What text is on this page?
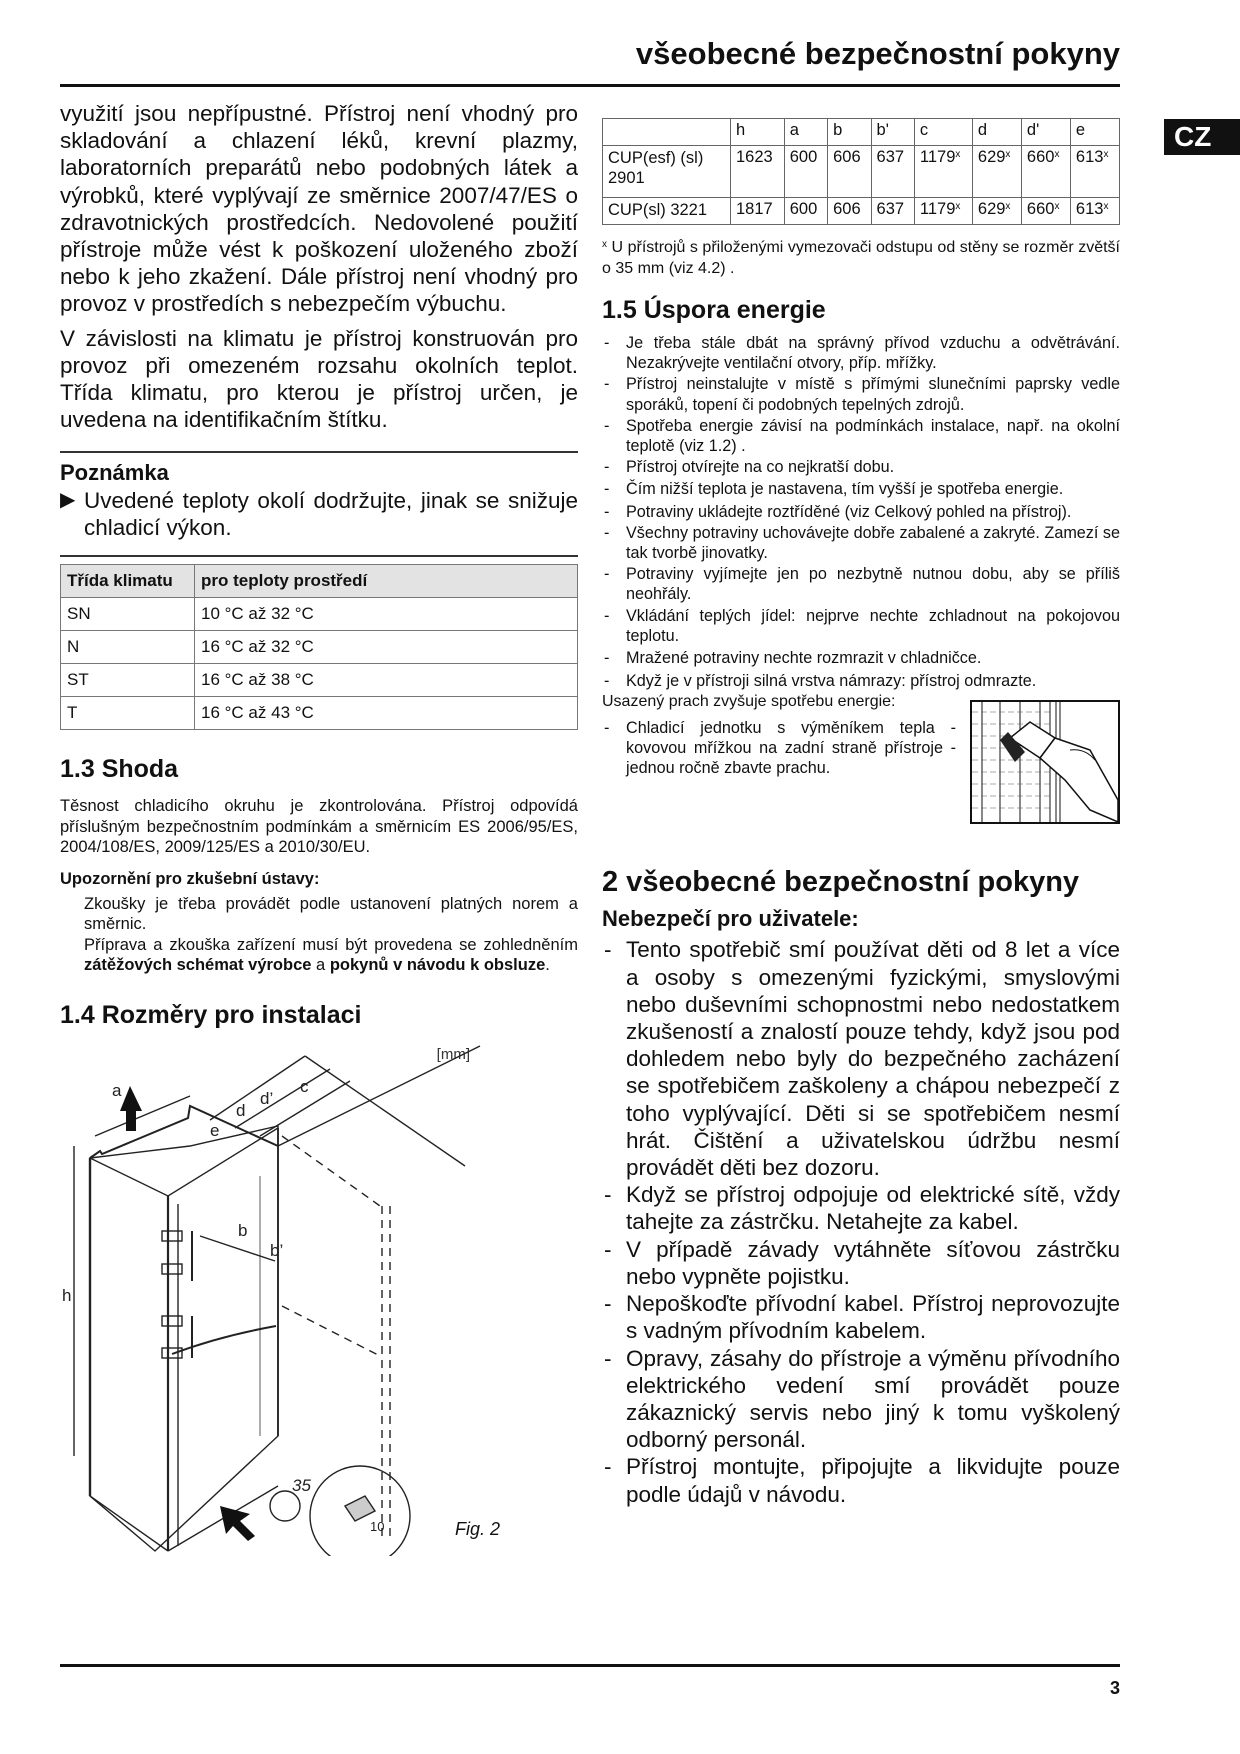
všeobecné bezpečnostní pokyny
CZ

využití jsou nepřípustné. Přístroj není vhodný pro skladování a chlazení léků, krevní plazmy, laboratorních preparátů nebo podobných látek a výrobků, které vyplývají ze směrnice 2007/47/ES o zdravotnických prostředcích. Nedovolené použití přístroje může vést k poškození uloženého zboží nebo k jeho zkažení. Dále přístroj není vhodný pro provoz v prostředích s nebezpečím výbuchu.

V závislosti na klimatu je přístroj konstruován pro provoz při omezeném rozsahu okolních teplot. Třída klimatu, pro kterou je přístroj určen, je uvedena na identifikačním štítku.

Poznámka
▶ Uvedené teploty okolí dodržujte, jinak se snižuje chladicí výkon.
Třída klimatu	pro teploty prostředí
SN	10 °C až 32 °C
N	16 °C až 32 °C
ST	16 °C až 38 °C
T	16 °C až 43 °C
1.3 Shoda
Těsnost chladicího okruhu je zkontrolována. Přístroj odpovídá příslušným bezpečnostním podmínkám a směrnicím ES 2006/95/ES, 2004/108/ES, 2009/125/ES a 2010/30/EU.
Upozornění pro zkušební ústavy:
Zkoušky je třeba provádět podle ustanovení platných norem a směrnic.
Příprava a zkouška zařízení musí být provedena se zohledněním zátěžových schémat výrobce a pokynů v návodu k obsluze.
1.4 Rozměry pro instalaci
[mm]
a
d
d’
c
e
b
b’
h
35
10	Fig. 2
	h	a	b	b'	c	d	d'	e
CUP(esf) (sl) 2901	1623	600	606	637	1179$^x$	629$^x$	660$^x$	613$^x$
CUP(sl) 3221	1817	600	606	637	1179$^x$	629$^x$	660$^x$	613$^x$
$^x$ U přístrojů s přiloženými vymezovači odstupu od stěny se rozměr zvětší o 35 mm (viz 4.2) .
1.5 Úspora energie
-	Je třeba stále dbát na správný přívod vzduchu a odvětrávání. Nezakrývejte ventilační otvory, příp. mřížky.
-	Přístroj neinstalujte v místě s přímými slunečními paprsky vedle sporáků, topení či podobných tepelných zdrojů.
-	Spotřeba energie závisí na podmínkách instalace, např. na okolní teplotě (viz 1.2) .
-	Přístroj otvírejte na co nejkratší dobu.
-	Čím nižší teplota je nastavena, tím vyšší je spotřeba energie.
-	Potraviny ukládejte roztříděné (viz Celkový pohled na přístroj).
-	Všechny potraviny uchovávejte dobře zabalené a zakryté. Zamezí se tak tvorbě jinovatky.
-	Potraviny vyjímejte jen po nezbytně nutnou dobu, aby se příliš neohřály.
-	Vkládání teplých jídel: nejprve nechte zchladnout na pokojovou teplotu.
-	Mražené potraviny nechte rozmrazit v chladničce.
-	Když je v přístroji silná vrstva námrazy: přístroj odmrazte.
Usazený prach zvyšuje spotřebu energie:
-	Chladicí jednotku s výměníkem tepla - kovovou mřížkou na zadní straně přístroje - jednou ročně zbavte prachu.
2 všeobecné bezpečnostní pokyny
Nebezpečí pro uživatele:
- Tento spotřebič smí používat děti od 8 let a více a osoby s omezenými fyzickými, smyslovými nebo duševními schopnostmi nebo nedostatkem zkušeností a znalostí pouze tehdy, když jsou pod dohledem nebo byly do bezpečného zacházení se spotřebičem zaškoleny a chápou nebezpečí z toho vyplývající. Děti si se spotřebičem nesmí hrát. Čištění a uživatelskou údržbu nesmí provádět děti bez dozoru.
- Když se přístroj odpojuje od elektrické sítě, vždy tahejte za zástrčku. Netahejte za kabel.
- V případě závady vytáhněte síťovou zástrčku nebo vypněte pojistku.
- Nepoškoďte přívodní kabel. Přístroj neprovozujte s vadným přívodním kabelem.
- Opravy, zásahy do přístroje a výměnu přívodního elektrického vedení smí provádět pouze zákaznický servis nebo jiný k tomu vyškolený odborný personál.
- Přístroj montujte, připojujte a likvidujte pouze podle údajů v návodu.
3
